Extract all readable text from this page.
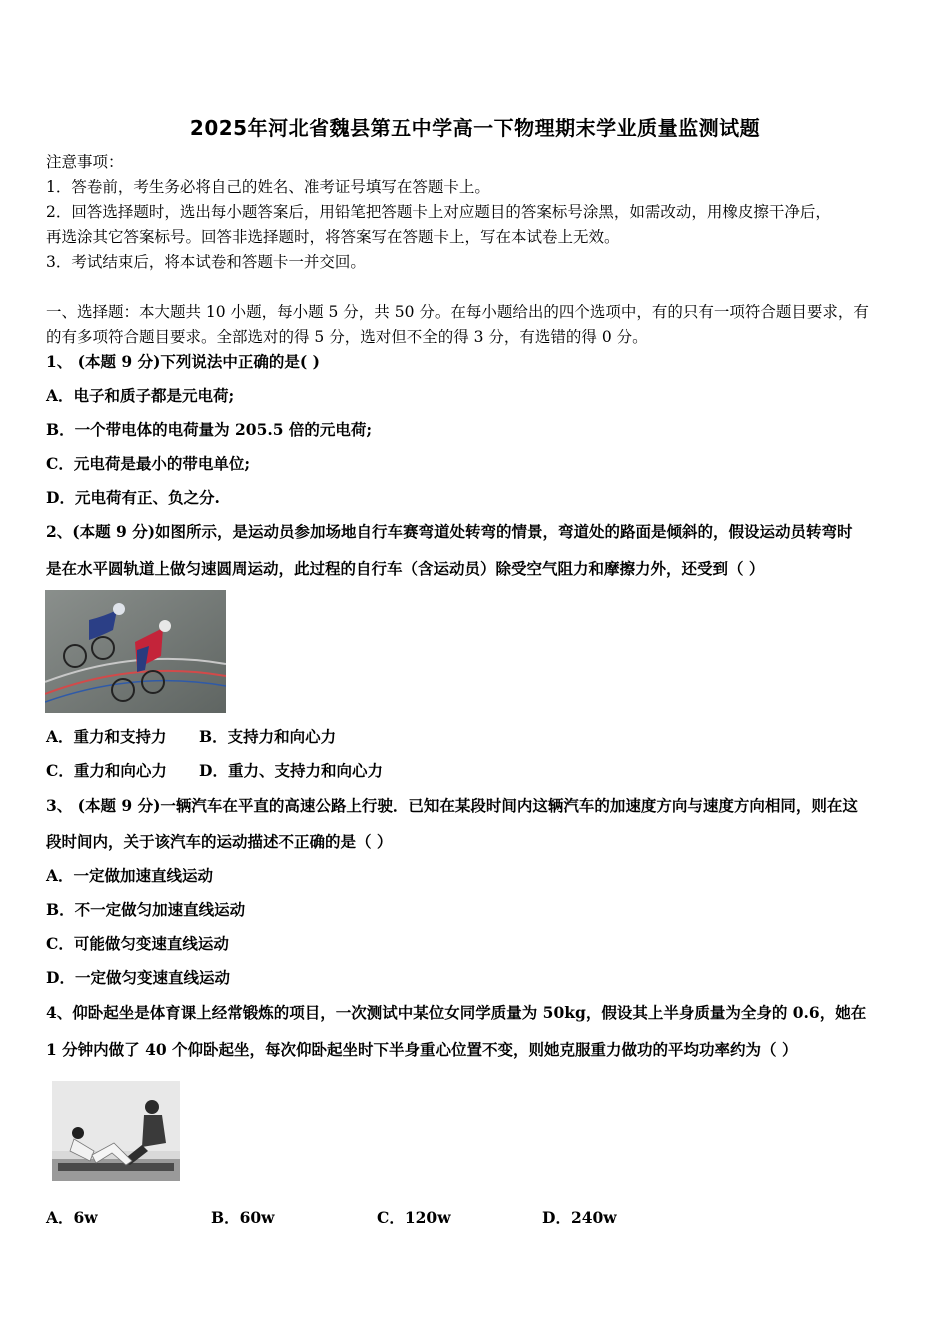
2025年河北省魏县第五中学高一下物理期末学业质量监测试题
注意事项：
1．答卷前，考生务必将自己的姓名、准考证号填写在答题卡上。
2．回答选择题时，选出每小题答案后，用铅笔把答题卡上对应题目的答案标号涂黑，如需改动，用橡皮擦干净后，
再选涂其它答案标号。回答非选择题时，将答案写在答题卡上，写在本试卷上无效。
3．考试结束后，将本试卷和答题卡一并交回。
一、选择题：本大题共 10 小题，每小题 5 分，共 50 分。在每小题给出的四个选项中，有的只有一项符合题目要求，有
的有多项符合题目要求。全部选对的得 5 分，选对但不全的得 3 分，有选错的得 0 分。
1、 (本题 9 分)下列说法中正确的是( )
A．电子和质子都是元电荷;
B．一个带电体的电荷量为 205.5 倍的元电荷;
C．元电荷是最小的带电单位;
D．元电荷有正、负之分.
2、(本题 9 分)如图所示，是运动员参加场地自行车赛弯道处转弯的情景，弯道处的路面是倾斜的，假设运动员转弯时
是在水平圆轨道上做匀速圆周运动，此过程的自行车（含运动员）除受空气阻力和摩擦力外，还受到（ ）
A．重力和支持力 B．支持力和向心力
C．重力和向心力 D．重力、支持力和向心力
3、 (本题 9 分)一辆汽车在平直的高速公路上行驶．已知在某段时间内这辆汽车的加速度方向与速度方向相同，则在这
段时间内，关于该汽车的运动描述不正确的是（ ）
A．一定做加速直线运动
B．不一定做匀加速直线运动
C．可能做匀变速直线运动
D．一定做匀变速直线运动
4、仰卧起坐是体育课上经常锻炼的项目，一次测试中某位女同学质量为 50kg，假设其上半身质量为全身的 0.6，她在
1 分钟内做了 40 个仰卧起坐，每次仰卧起坐时下半身重心位置不变，则她克服重力做功的平均功率约为（ ）
A．6w	B．60w	C．120w	D．240w
